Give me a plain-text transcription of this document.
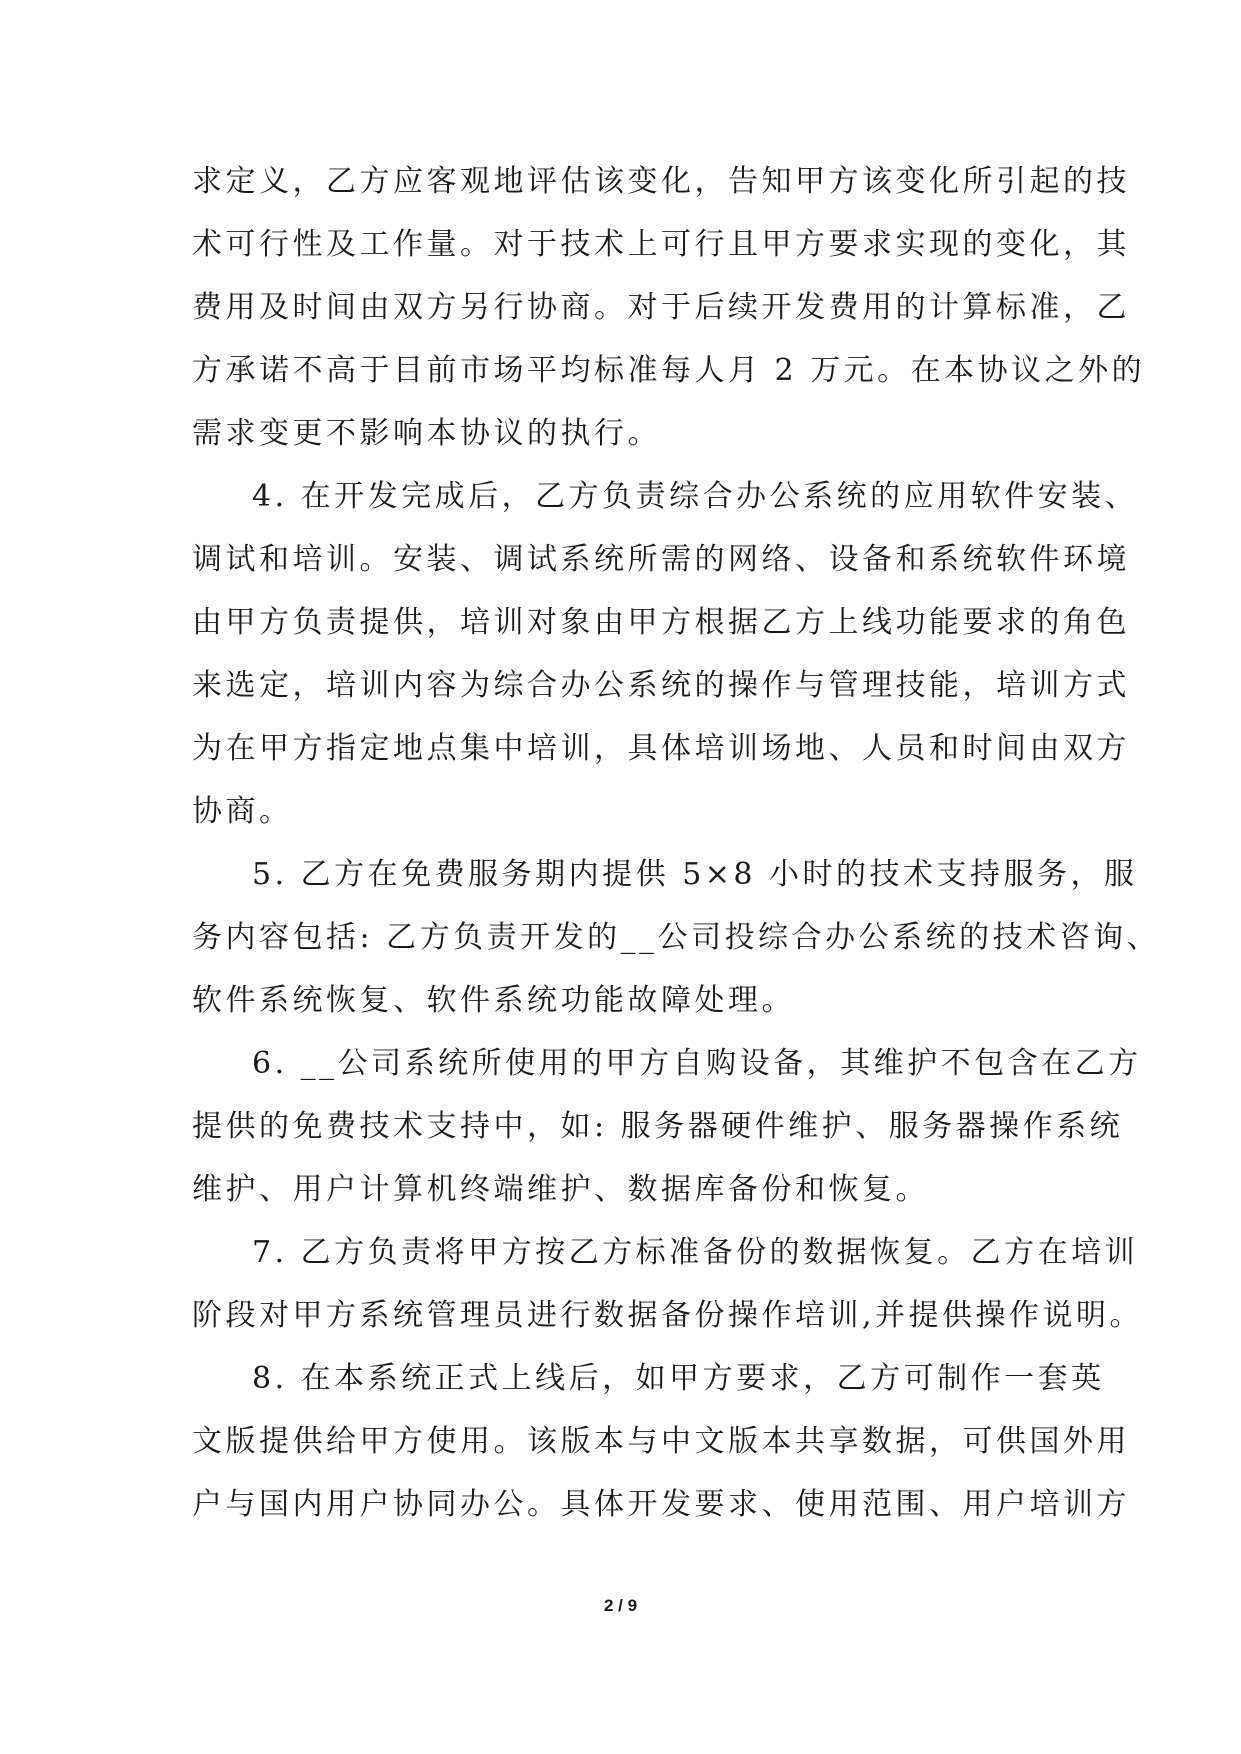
求定义，乙方应客观地评估该变化，告知甲方该变化所引起的技
术可行性及工作量。对于技术上可行且甲方要求实现的变化，其
费用及时间由双方另行协商。对于后续开发费用的计算标准，乙
方承诺不高于目前市场平均标准每人月 2 万元。在本协议之外的
需求变更不影响本协议的执行。
4. 在开发完成后，乙方负责综合办公系统的应用软件安装、
调试和培训。安装、调试系统所需的网络、设备和系统软件环境
由甲方负责提供，培训对象由甲方根据乙方上线功能要求的角色
来选定，培训内容为综合办公系统的操作与管理技能，培训方式
为在甲方指定地点集中培训，具体培训场地、人员和时间由双方
协商。
5. 乙方在免费服务期内提供 5×8 小时的技术支持服务，服
务内容包括: 乙方负责开发的__公司投综合办公系统的技术咨询、
软件系统恢复、软件系统功能故障处理。
6. __公司系统所使用的甲方自购设备，其维护不包含在乙方
提供的免费技术支持中，如: 服务器硬件维护、服务器操作系统
维护、用户计算机终端维护、数据库备份和恢复。
7. 乙方负责将甲方按乙方标准备份的数据恢复。乙方在培训
阶段对甲方系统管理员进行数据备份操作培训,并提供操作说明。
8. 在本系统正式上线后，如甲方要求，乙方可制作一套英
文版提供给甲方使用。该版本与中文版本共享数据，可供国外用
户与国内用户协同办公。具体开发要求、使用范围、用户培训方
2 / 9
